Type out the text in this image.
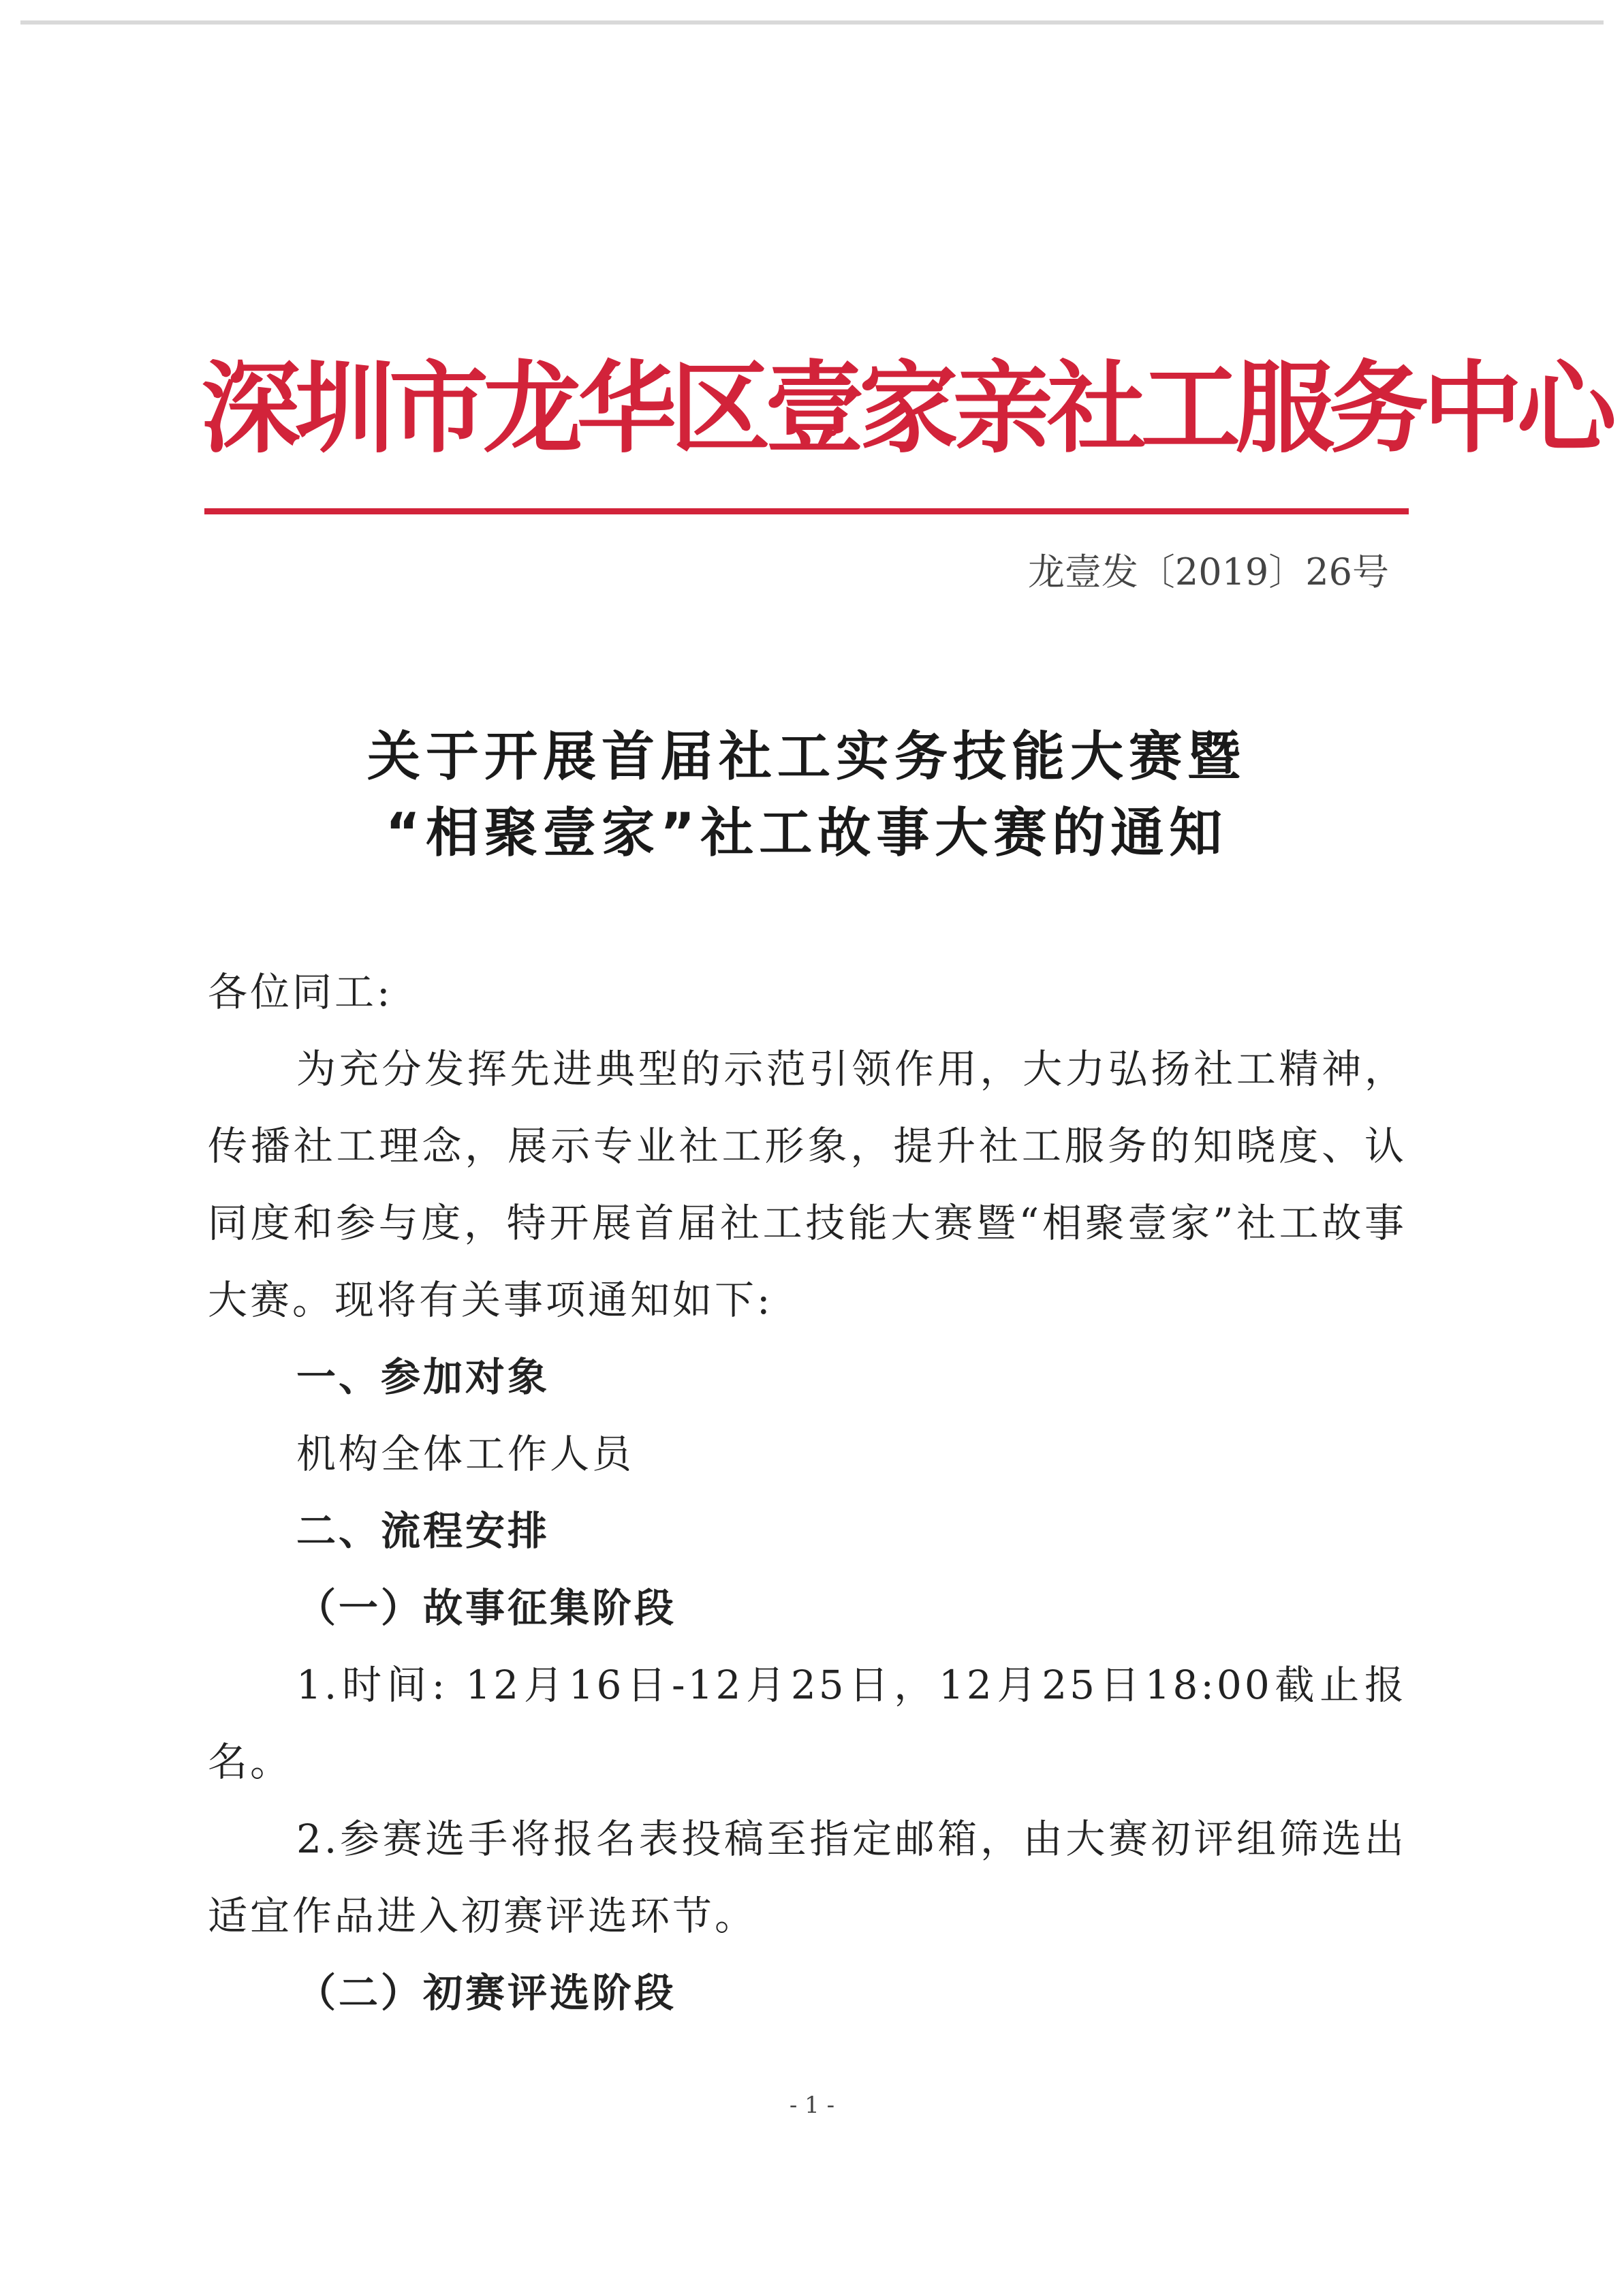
深圳市龙华区壹家亲社工服务中心
龙壹发〔2019〕26号
关于开展首届社工实务技能大赛暨
“相聚壹家”社工故事大赛的通知

各位同工:

为充分发挥先进典型的示范引领作用，大力弘扬社工精神，传播社工理念，展示专业社工形象，提升社工服务的知晓度、认同度和参与度，特开展首届社工技能大赛暨“相聚壹家”社工故事大赛。现将有关事项通知如下:

一、参加对象

机构全体工作人员

二、流程安排

（一）故事征集阶段

1.时间: 12月16日-12月25日，12月25日18:00截止报名。

2.参赛选手将报名表投稿至指定邮箱，由大赛初评组筛选出适宜作品进入初赛评选环节。

（二）初赛评选阶段

- 1 -
